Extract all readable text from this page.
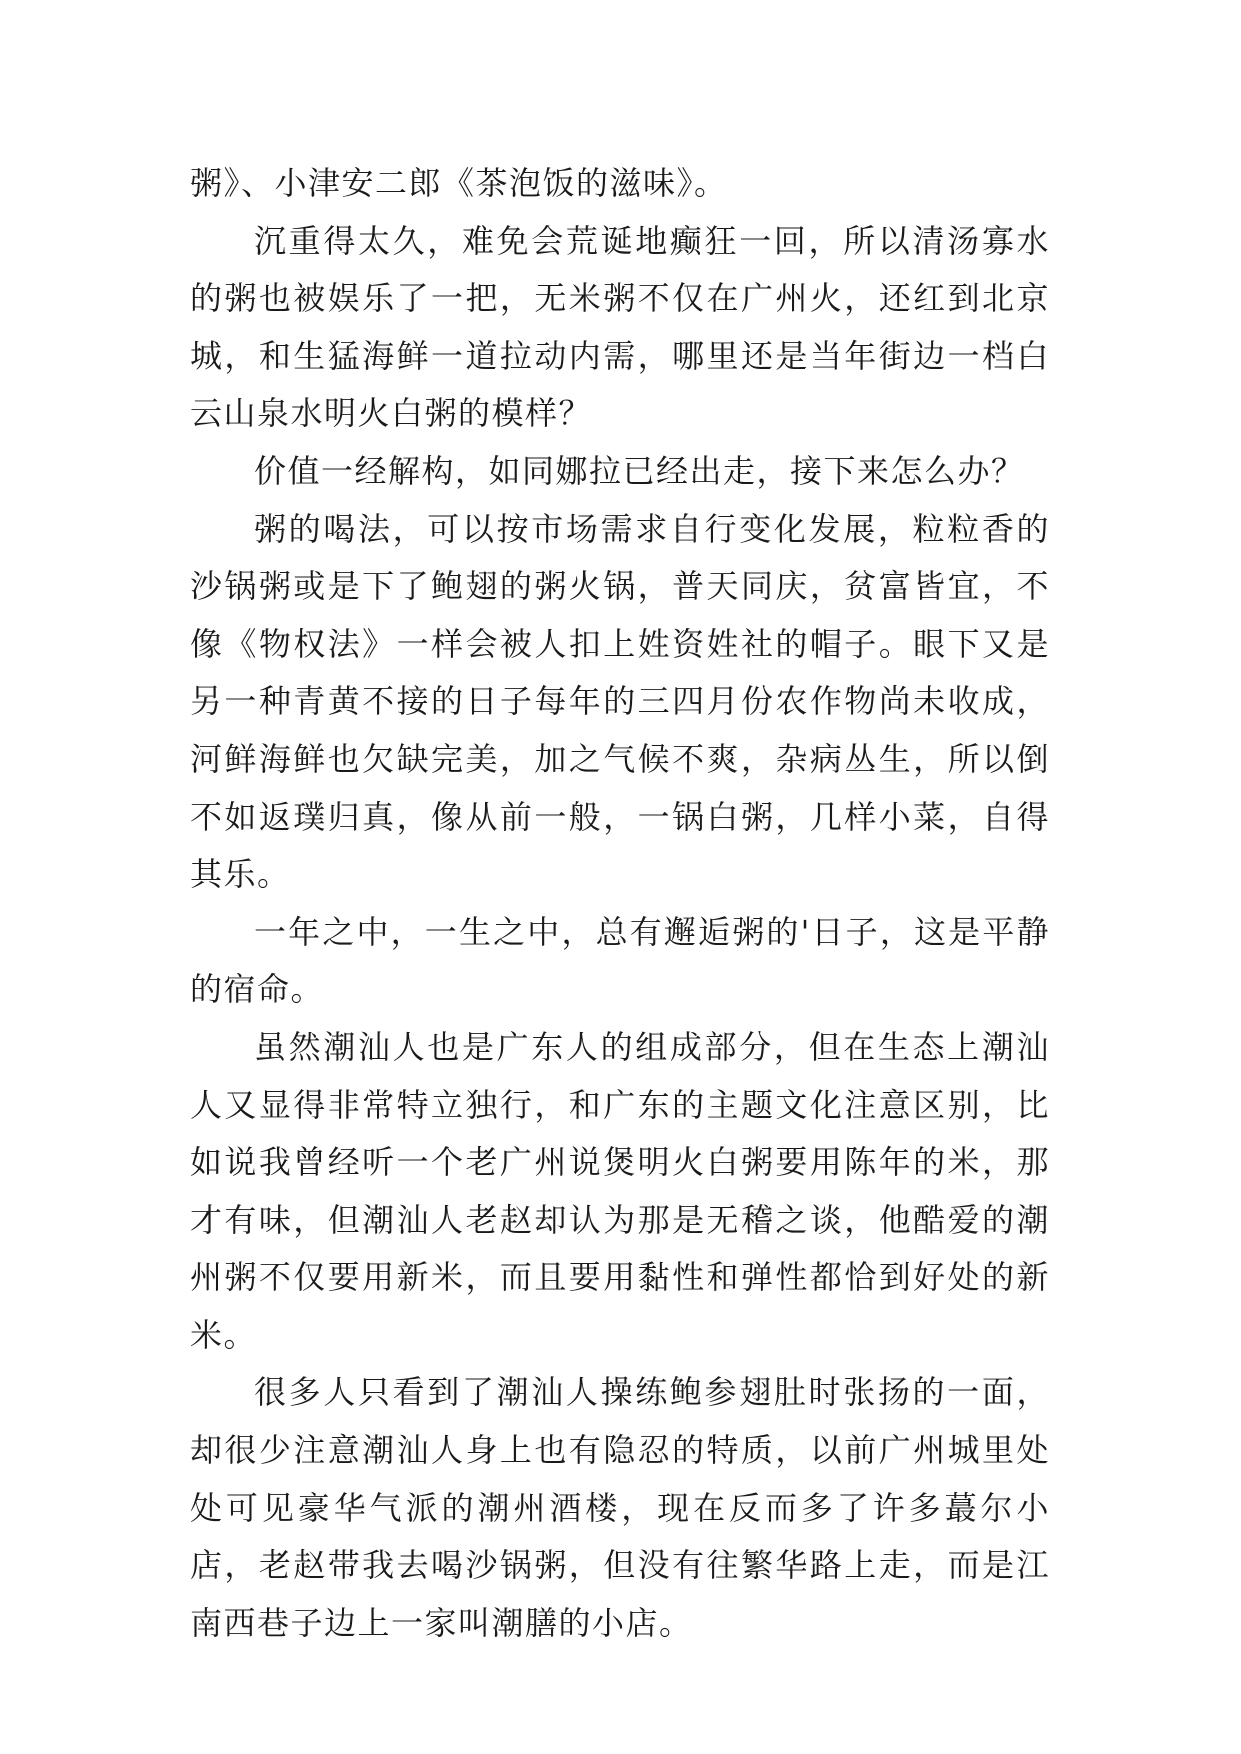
粥》、小津安二郎《茶泡饭的滋味》。

沉重得太久，难免会荒诞地癫狂一回，所以清汤寡水的粥也被娱乐了一把，无米粥不仅在广州火，还红到北京城，和生猛海鲜一道拉动内需，哪里还是当年街边一档白云山泉水明火白粥的模样？

价值一经解构，如同娜拉已经出走，接下来怎么办？

粥的喝法，可以按市场需求自行变化发展，粒粒香的沙锅粥或是下了鲍翅的粥火锅，普天同庆，贫富皆宜，不像《物权法》一样会被人扣上姓资姓社的帽子。眼下又是另一种青黄不接的日子每年的三四月份农作物尚未收成，河鲜海鲜也欠缺完美，加之气候不爽，杂病丛生，所以倒不如返璞归真，像从前一般，一锅白粥，几样小菜，自得其乐。

一年之中，一生之中，总有邂逅粥的'日子，这是平静的宿命。

虽然潮汕人也是广东人的组成部分，但在生态上潮汕人又显得非常特立独行，和广东的主题文化注意区别，比如说我曾经听一个老广州说煲明火白粥要用陈年的米，那才有味，但潮汕人老赵却认为那是无稽之谈，他酷爱的潮州粥不仅要用新米，而且要用黏性和弹性都恰到好处的新米。

很多人只看到了潮汕人操练鲍参翅肚时张扬的一面，却很少注意潮汕人身上也有隐忍的特质，以前广州城里处处可见豪华气派的潮州酒楼，现在反而多了许多蕞尔小店，老赵带我去喝沙锅粥，但没有往繁华路上走，而是江南西巷子边上一家叫潮膳的小店。
